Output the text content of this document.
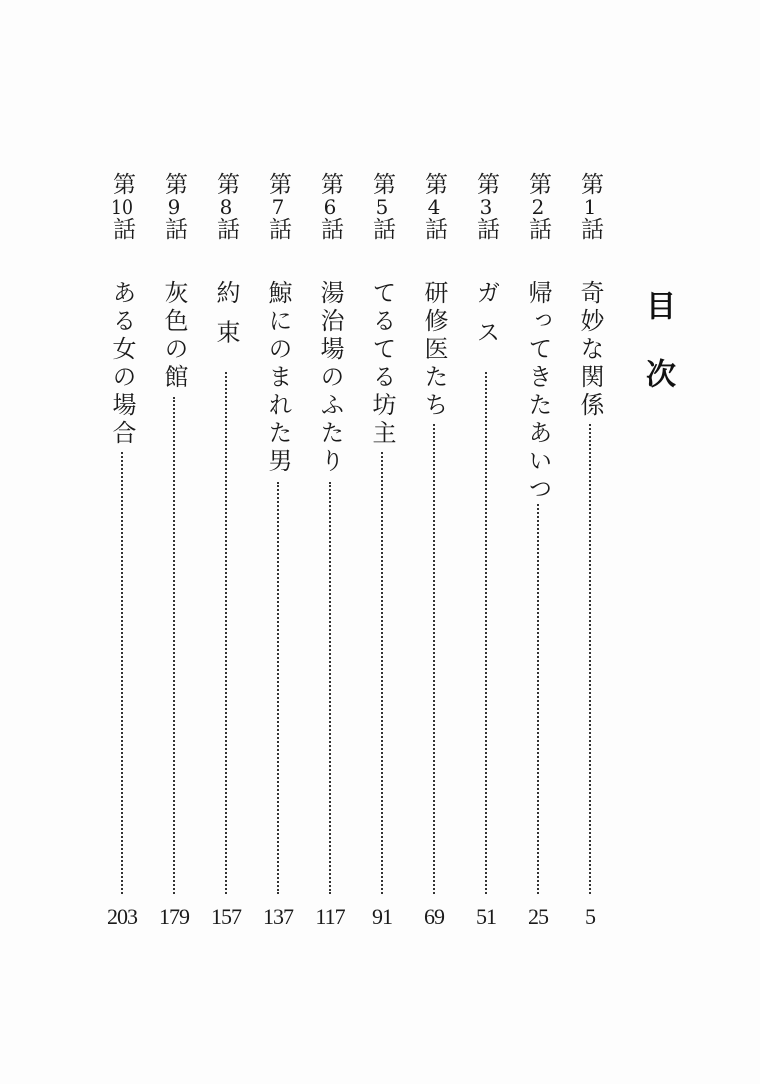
目次
第1話
奇妙な関係
5
第2話
帰ってきたあいつ
25
第3話
ガ ス
51
第4話
研修医たち
69
第5話
てるてる坊主
91
第6話
湯治場のふたり
117
第7話
鯨にのまれた男
137
第8話
約 束
157
第9話
灰色の館
179
第10話
ある女の場合
203
